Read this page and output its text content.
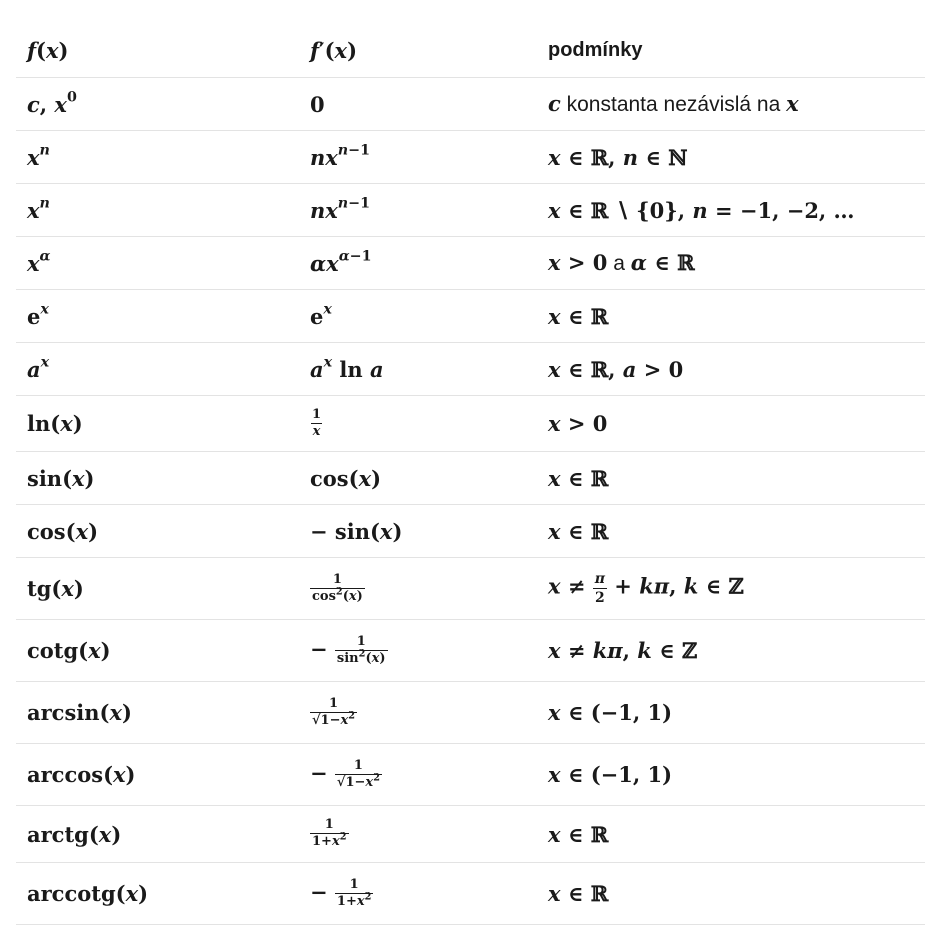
f(x)	f′(x)	podmínky
c, $x^0$	0	c konstanta nezávislá na x
$x^n$	$nx^{n-1}$	x ∈ ℝ, n ∈ ℕ
$x^n$	$nx^{n-1}$	x ∈ ℝ ∖ {0}, n = −1, −2, …
$x^\alpha$	$\alpha x^{\alpha-1}$	x > 0 a α ∈ ℝ
$e^x$	$e^x$	x ∈ ℝ
$a^x$	$a^x$ ln a	x ∈ ℝ, a > 0
ln(x)	$\frac{1}{x}$	x > 0
sin(x)	cos(x)	x ∈ ℝ
cos(x)	− sin(x)	x ∈ ℝ
tg(x)	$\frac{1}{\cos^2(x)}$	$x \ne \frac{\pi}{2} + k\pi$, k ∈ ℤ
cotg(x)	− $\frac{1}{\sin^2(x)}$	x ≠ kπ, k ∈ ℤ
arcsin(x)	$\frac{1}{√1-x^2}$	x ∈ (−1, 1)
arccos(x)	− $\frac{1}{√1-x^2}$	x ∈ (−1, 1)
arctg(x)	$\frac{1}{1+x^2}$	x ∈ ℝ
arccotg(x)	− $\frac{1}{1+x^2}$	x ∈ ℝ
